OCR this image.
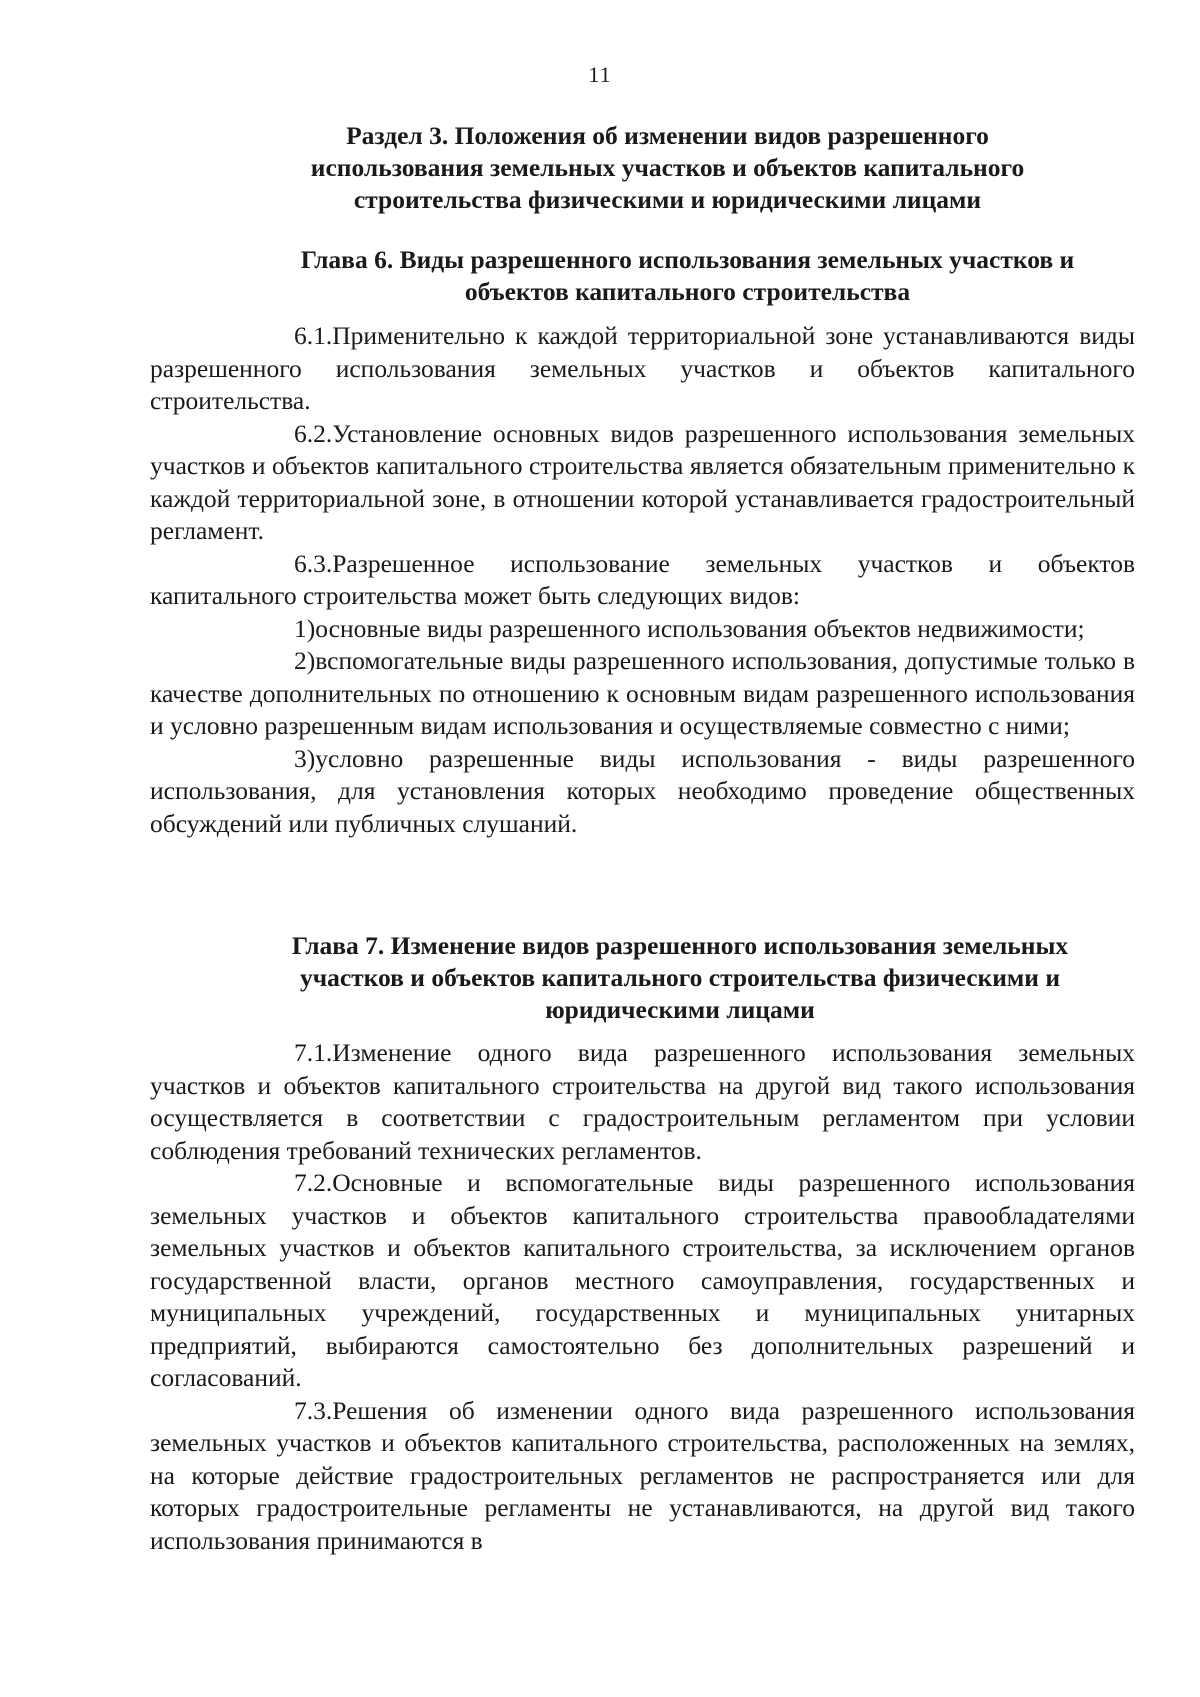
11
Раздел 3. Положения об изменении видов разрешенного
использования земельных участков и объектов капитального
строительства физическими и юридическими лицами
Глава 6. Виды разрешенного использования земельных участков и
объектов капитального строительства

6.1.Применительно к каждой территориальной зоне устанавливаются виды разрешенного использования земельных участков и объектов капитального строительства.

6.2.Установление основных видов разрешенного использования земельных участков и объектов капитального строительства является обязательным применительно к каждой территориальной зоне, в отношении которой устанавливается градостроительный регламент.

6.3.Разрешенное использование земельных участков и объектов капитального строительства может быть следующих видов:

1)основные виды разрешенного использования объектов недвижимости;

2)вспомогательные виды разрешенного использования, допустимые только в качестве дополнительных по отношению к основным видам разрешенного использования и условно разрешенным видам использования и осуществляемые совместно с ними;

3)условно разрешенные виды использования - виды разрешенного использования, для установления которых необходимо проведение общественных обсуждений или публичных слушаний.

Глава 7. Изменение видов разрешенного использования земельных
участков и объектов капитального строительства физическими и
юридическими лицами

7.1.Изменение одного вида разрешенного использования земельных участков и объектов капитального строительства на другой вид такого использования осуществляется в соответствии с градостроительным регламентом при условии соблюдения требований технических регламентов.

7.2.Основные и вспомогательные виды разрешенного использования земельных участков и объектов капитального строительства правообладателями земельных участков и объектов капитального строительства, за исключением органов государственной власти, органов местного самоуправления, государственных и муниципальных учреждений, государственных и муниципальных унитарных предприятий, выбираются самостоятельно без дополнительных разрешений и согласований.

7.3.Решения об изменении одного вида разрешенного использования земельных участков и объектов капитального строительства, расположенных на землях, на которые действие градостроительных регламентов не распространяется или для которых градостроительные регламенты не устанавливаются, на другой вид такого использования принимаются в
